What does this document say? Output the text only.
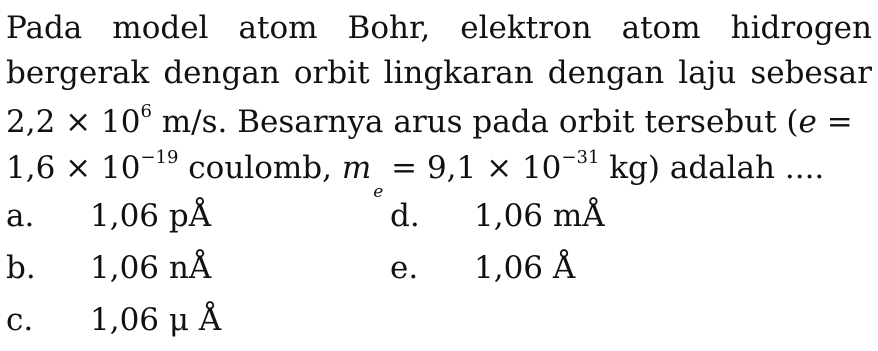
Pada model atom Bohr, elektron atom hidrogen
bergerak dengan orbit lingkaran dengan laju sebesar
$2,2 \times 10^6$ m/s. Besarnya arus pada orbit tersebut (e =
$1,6 \times 10^{-19}$ coulomb, $m_e = 9,1 \times 10^{-31}$ kg) adalah ....
a. 1,06 pÅ
b. 1,06 nÅ
c. 1,06 μ Å
d. 1,06 mÅ
e. 1,06 Å
